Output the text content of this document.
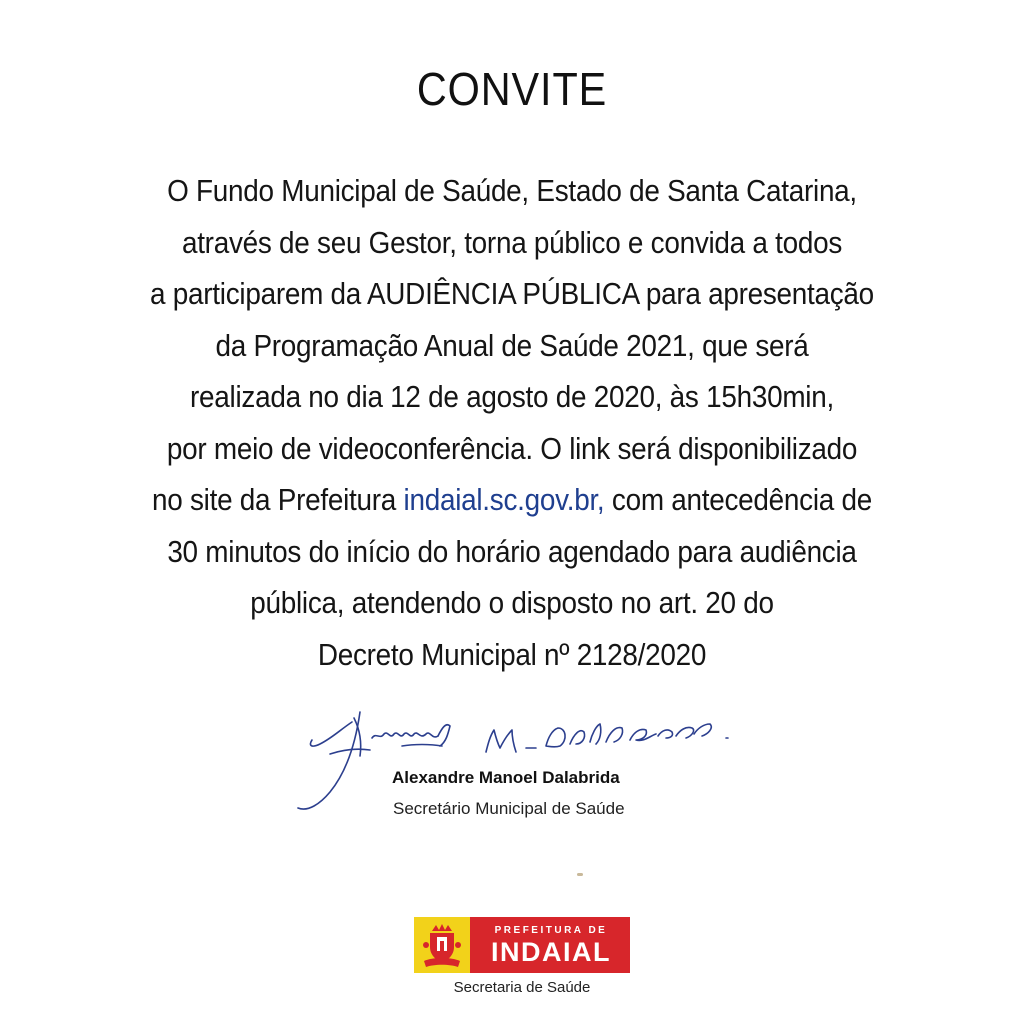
CONVITE
O Fundo Municipal de Saúde, Estado de Santa Catarina,
através de seu Gestor, torna público e convida a todos
a participarem da AUDIÊNCIA PÚBLICA para apresentação
da Programação Anual de Saúde 2021, que será
realizada no dia 12 de agosto de 2020, às 15h30min,
por meio de videoconferência. O link será disponibilizado
no site da Prefeitura indaial.sc.gov.br, com antecedência de
30 minutos do início do horário agendado para audiência
pública, atendendo o disposto no art. 20 do
Decreto Municipal nº 2128/2020
Alexandre Manoel Dalabrida
Secretário Municipal de Saúde
PREFEITURA DE
INDAIAL
Secretaria de Saúde
